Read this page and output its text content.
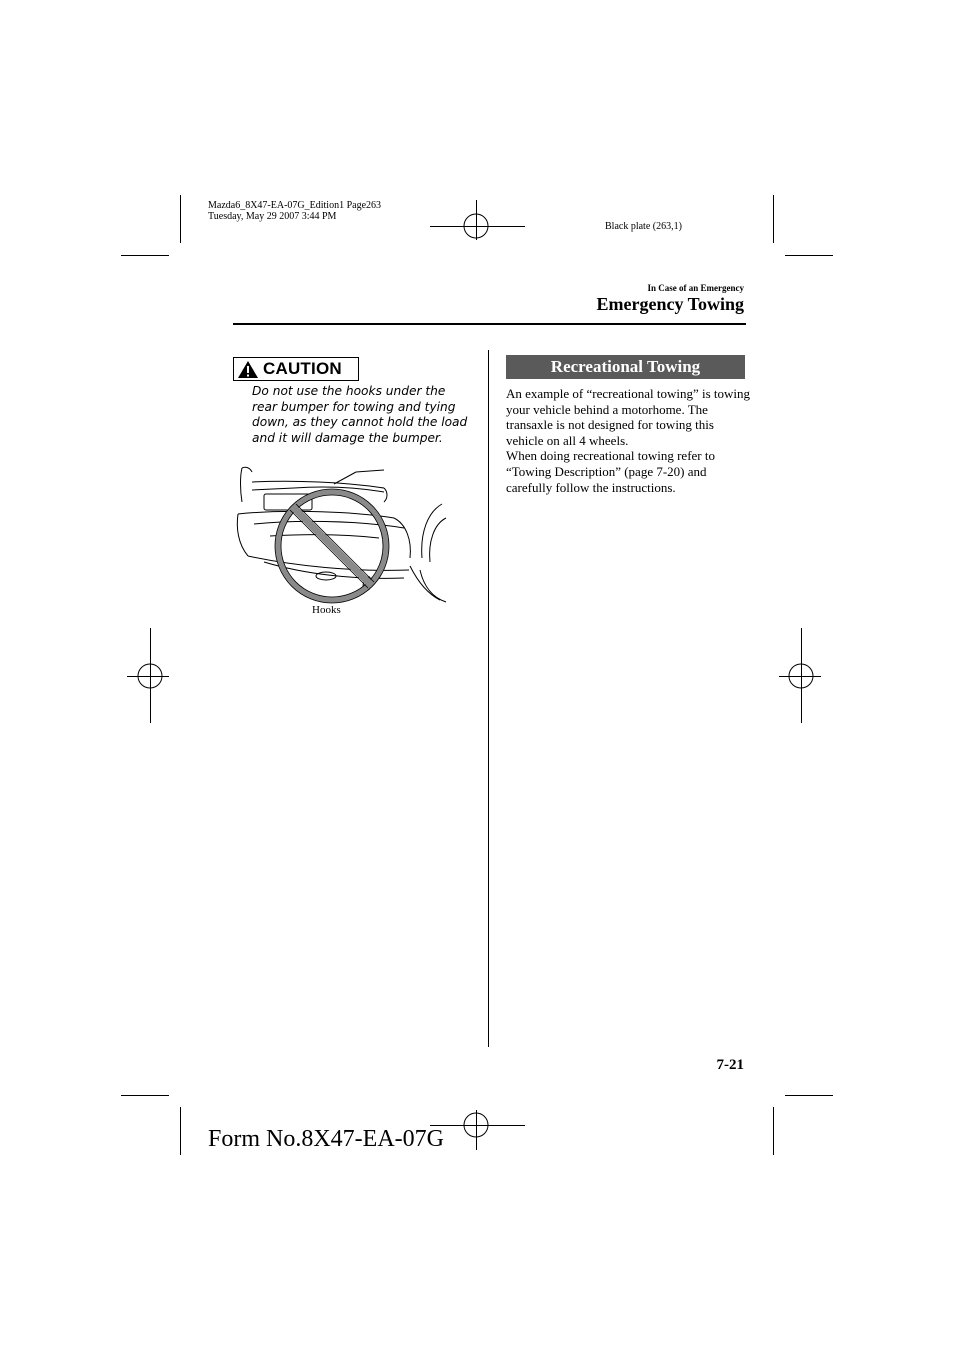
Mazda6_8X47-EA-07G_Edition1 Page263
Tuesday, May 29 2007 3:44 PM
Black plate (263,1)
In Case of an Emergency
Emergency Towing
CAUTION
Do not use the hooks under the rear bumper for towing and tying down, as they cannot hold the load and it will damage the bumper.
Hooks
Recreational Towing

An example of “recreational towing” is towing your vehicle behind a motorhome. The transaxle is not designed for towing this vehicle on all 4 wheels.

When doing recreational towing refer to “Towing Description” (page 7-20) and carefully follow the instructions.

7-21
Form No.8X47-EA-07G
